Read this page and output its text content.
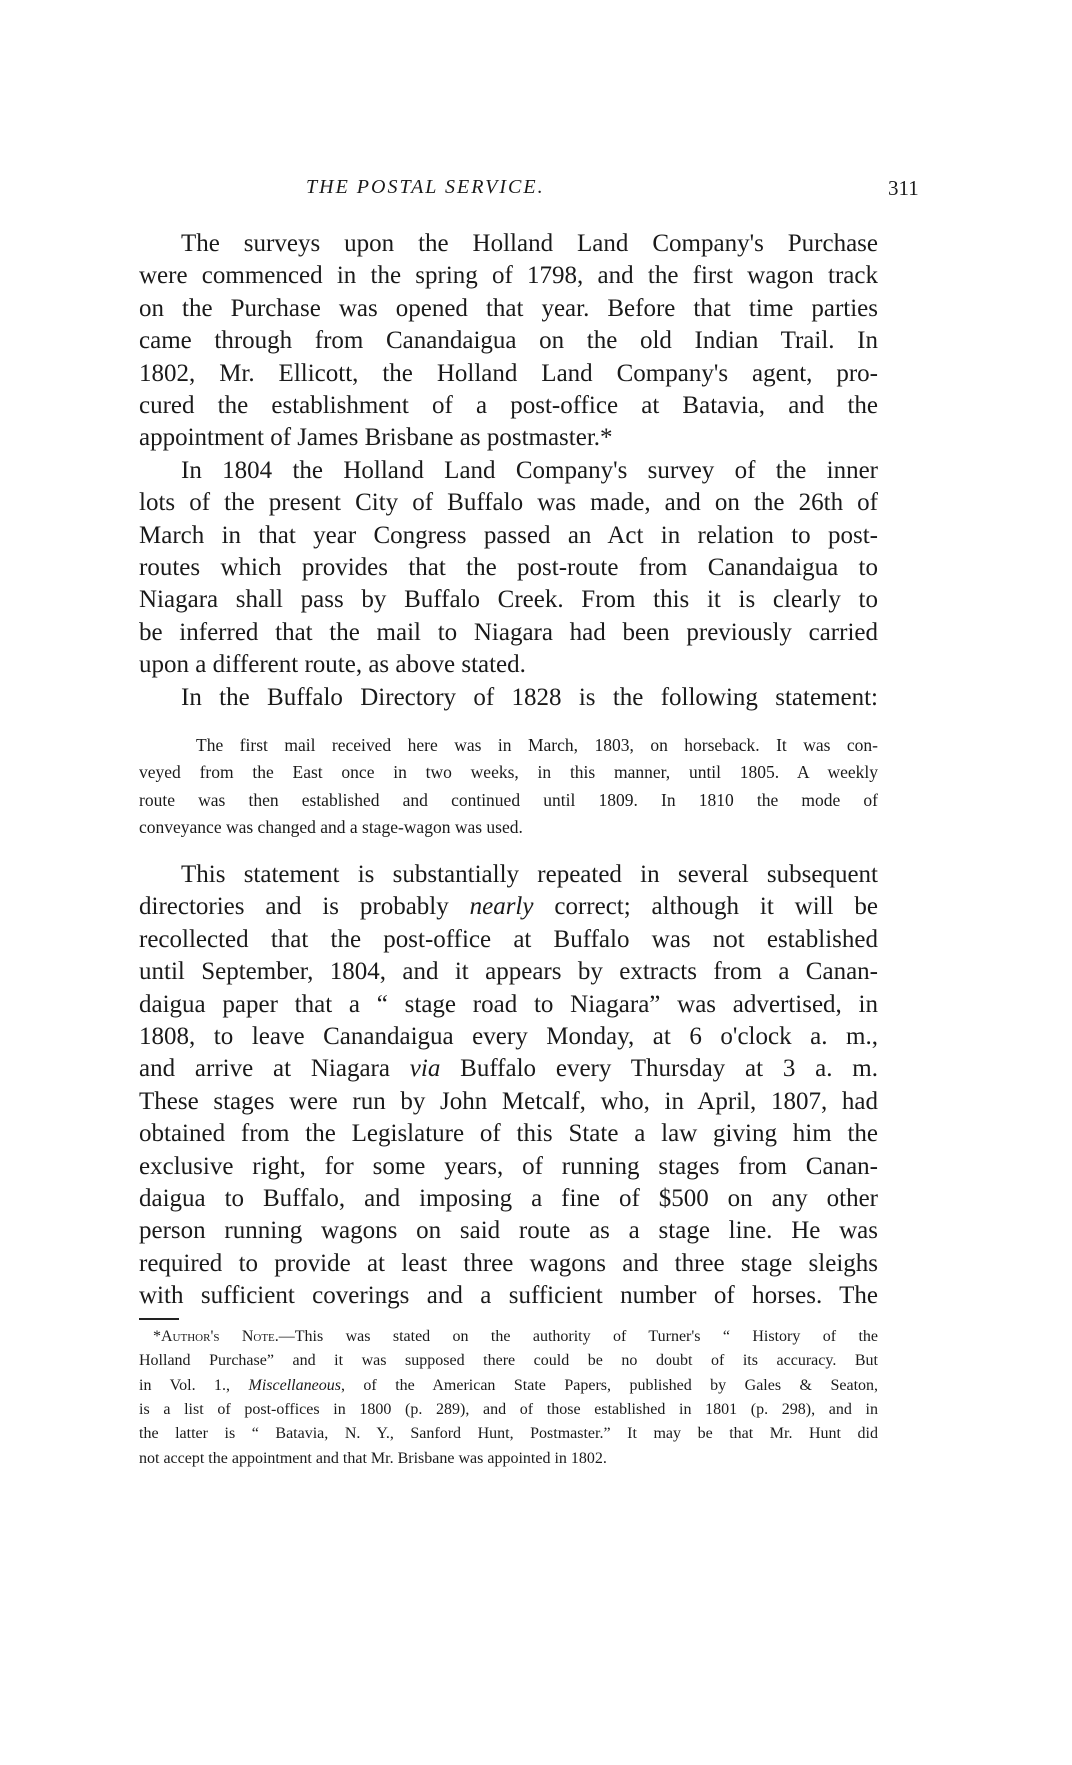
THE POSTAL SERVICE.	311
The surveys upon the Holland Land Company's Purchase
were commenced in the spring of 1798, and the first wagon track
on the Purchase was opened that year. Before that time parties
came through from Canandaigua on the old Indian Trail. In
1802, Mr. Ellicott, the Holland Land Company's agent, pro-
cured the establishment of a post-office at Batavia, and the
appointment of James Brisbane as postmaster.*
In 1804 the Holland Land Company's survey of the inner
lots of the present City of Buffalo was made, and on the 26th of
March in that year Congress passed an Act in relation to post-
routes which provides that the post-route from Canandaigua to
Niagara shall pass by Buffalo Creek. From this it is clearly to
be inferred that the mail to Niagara had been previously carried
upon a different route, as above stated.
In the Buffalo Directory of 1828 is the following statement:
The first mail received here was in March, 1803, on horseback. It was con-
veyed from the East once in two weeks, in this manner, until 1805. A weekly
route was then established and continued until 1809. In 1810 the mode of
conveyance was changed and a stage-wagon was used.
This statement is substantially repeated in several subsequent
directories and is probably nearly correct; although it will be
recollected that the post-office at Buffalo was not established
until September, 1804, and it appears by extracts from a Canan-
daigua paper that a “ stage road to Niagara” was advertised, in
1808, to leave Canandaigua every Monday, at 6 o'clock a. m.,
and arrive at Niagara via Buffalo every Thursday at 3 a. m.
These stages were run by John Metcalf, who, in April, 1807, had
obtained from the Legislature of this State a law giving him the
exclusive right, for some years, of running stages from Canan-
daigua to Buffalo, and imposing a fine of $500 on any other
person running wagons on said route as a stage line. He was
required to provide at least three wagons and three stage sleighs
with sufficient coverings and a sufficient number of horses. The
*Author's Note.—This was stated on the authority of Turner's “ History of the
Holland Purchase” and it was supposed there could be no doubt of its accuracy. But
in Vol. 1., Miscellaneous, of the American State Papers, published by Gales & Seaton,
is a list of post-offices in 1800 (p. 289), and of those established in 1801 (p. 298), and in
the latter is “ Batavia, N. Y., Sanford Hunt, Postmaster.” It may be that Mr. Hunt did
not accept the appointment and that Mr. Brisbane was appointed in 1802.
